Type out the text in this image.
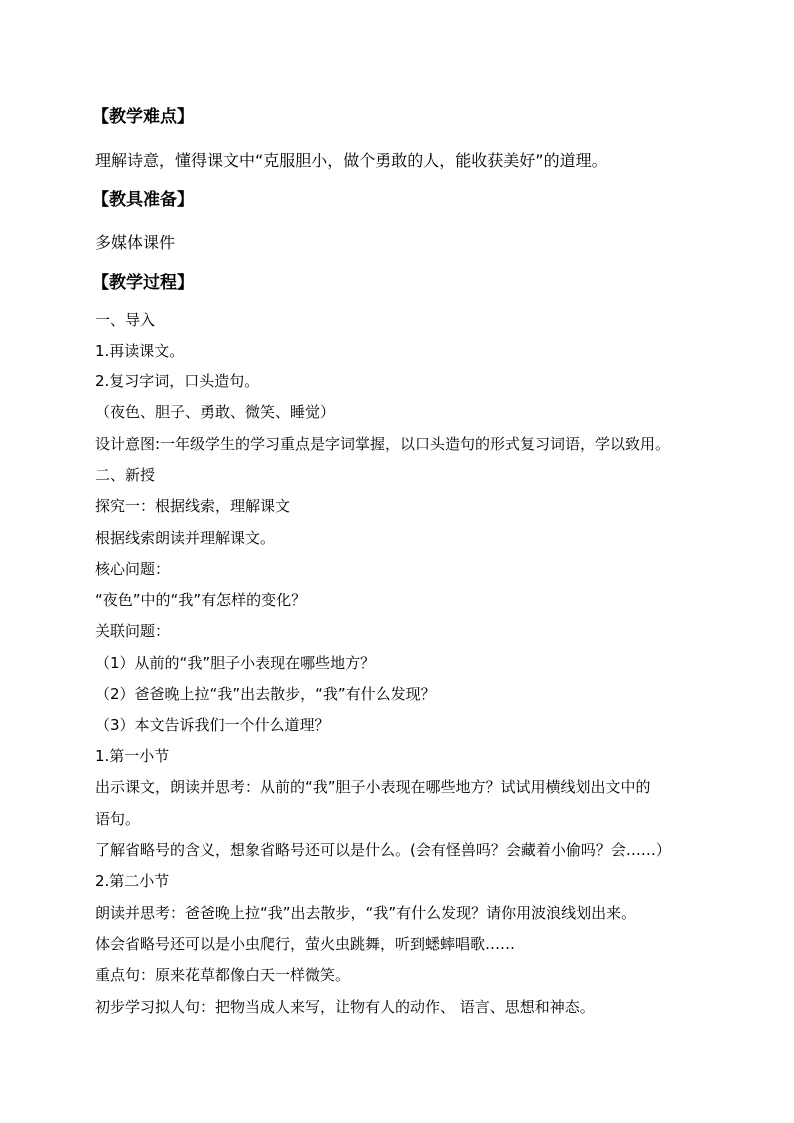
【教学难点】
理解诗意，懂得课文中“克服胆小，做个勇敢的人，能收获美好”的道理。
【教具准备】
多媒体课件
【教学过程】
一、导入
1.再读课文。
2.复习字词，口头造句。
（夜色、胆子、勇敢、微笑、睡觉）
设计意图:一年级学生的学习重点是字词掌握，以口头造句的形式复习词语，学以致用。
二、新授
探究一：根据线索，理解课文
根据线索朗读并理解课文。
核心问题：
“夜色”中的“我”有怎样的变化？
关联问题：
（1）从前的“我”胆子小表现在哪些地方？
（2）爸爸晚上拉“我”出去散步，“我”有什么发现？
（3）本文告诉我们一个什么道理？
1.第一小节
出示课文，朗读并思考：从前的“我”胆子小表现在哪些地方？试试用横线划出文中的
语句。
了解省略号的含义，想象省略号还可以是什么。(会有怪兽吗？会藏着小偷吗？会……）
2.第二小节
朗读并思考：爸爸晚上拉“我”出去散步，“我”有什么发现？请你用波浪线划出来。
体会省略号还可以是小虫爬行，萤火虫跳舞，听到蟋蟀唱歌……
重点句：原来花草都像白天一样微笑。
初步学习拟人句：把物当成人来写，让物有人的动作、 语言、思想和神态。
